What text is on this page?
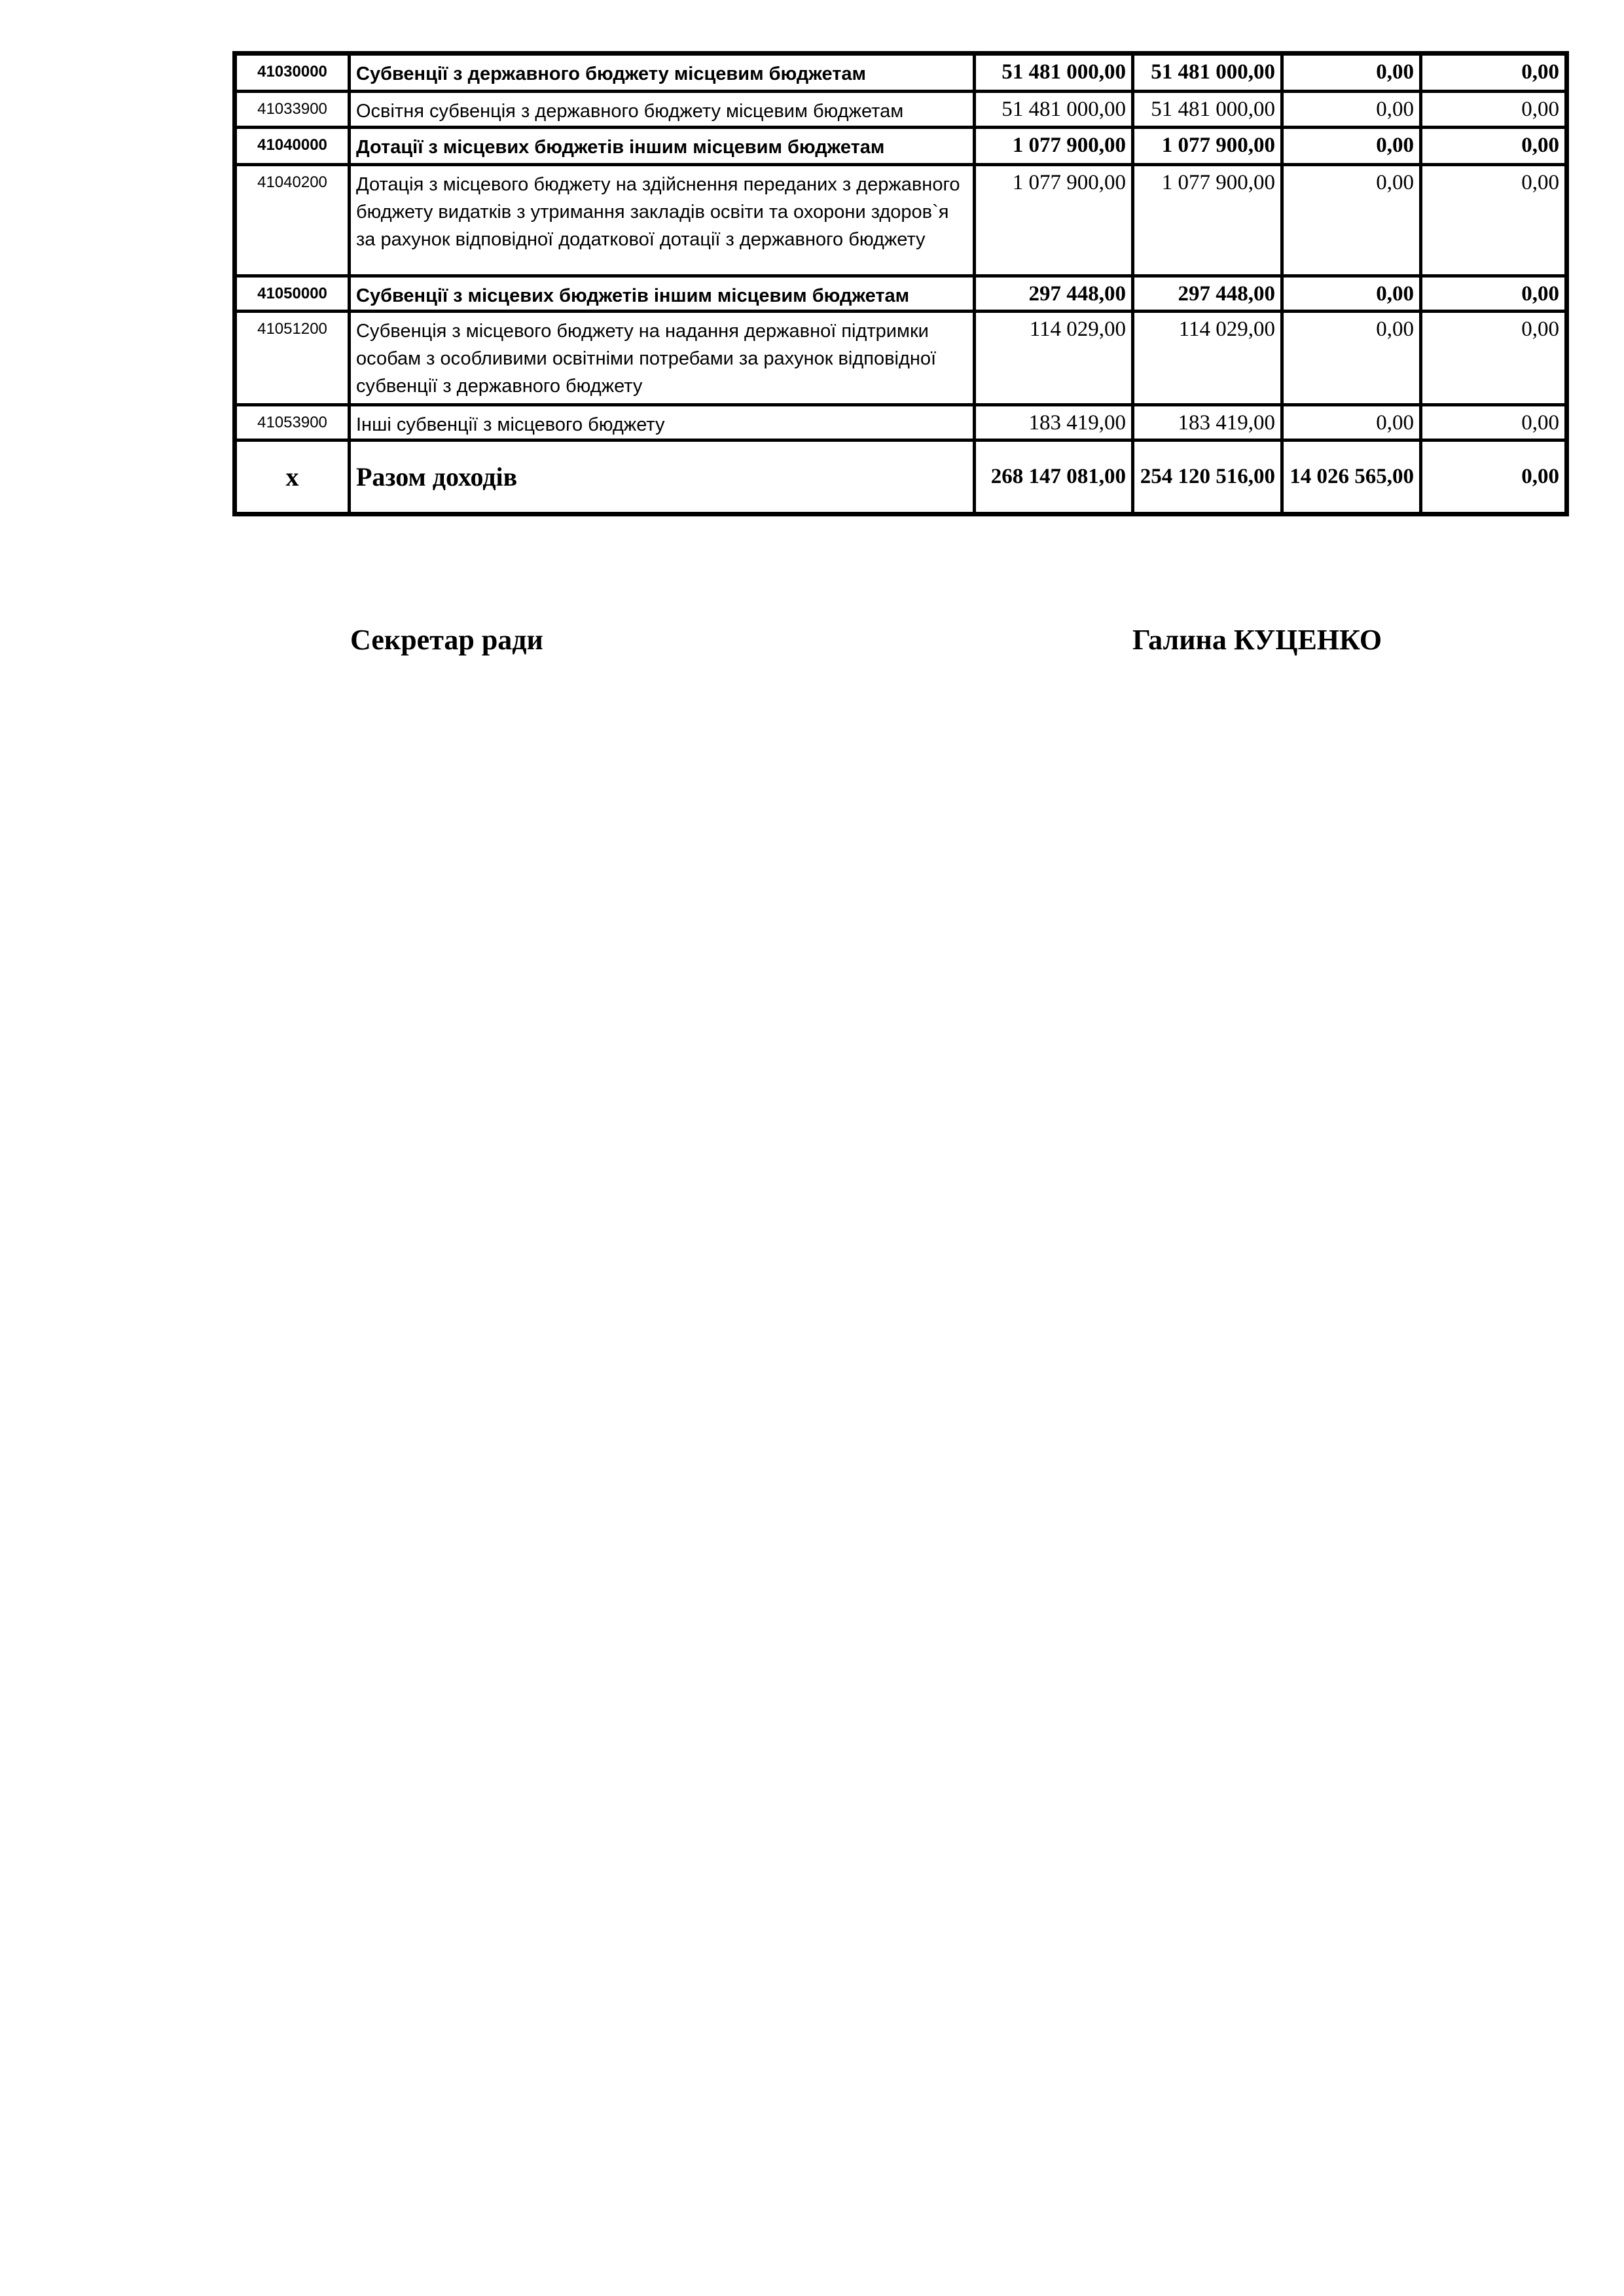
41030000	Субвенції з державного бюджету місцевим бюджетам	51 481 000,00	51 481 000,00	0,00	0,00
41033900	Освітня субвенція з державного бюджету місцевим бюджетам	51 481 000,00	51 481 000,00	0,00	0,00
41040000	Дотації з місцевих бюджетів іншим місцевим бюджетам	1 077 900,00	1 077 900,00	0,00	0,00
41040200	Дотація з місцевого бюджету на здійснення переданих з державного бюджету видатків з утримання закладів освіти та охорони здоров`я за рахунок відповідної додаткової дотації з державного бюджету	1 077 900,00	1 077 900,00	0,00	0,00
41050000	Субвенції з місцевих бюджетів іншим місцевим бюджетам	297 448,00	297 448,00	0,00	0,00
41051200	Субвенція з місцевого бюджету на надання державної підтримки особам з особливими освітніми потребами за рахунок відповідної субвенції з державного бюджету	114 029,00	114 029,00	0,00	0,00
41053900	Інші субвенції з місцевого бюджету	183 419,00	183 419,00	0,00	0,00
x	Разом доходів	268 147 081,00	254 120 516,00	14 026 565,00	0,00
Секретар ради	Галина КУЦЕНКО
